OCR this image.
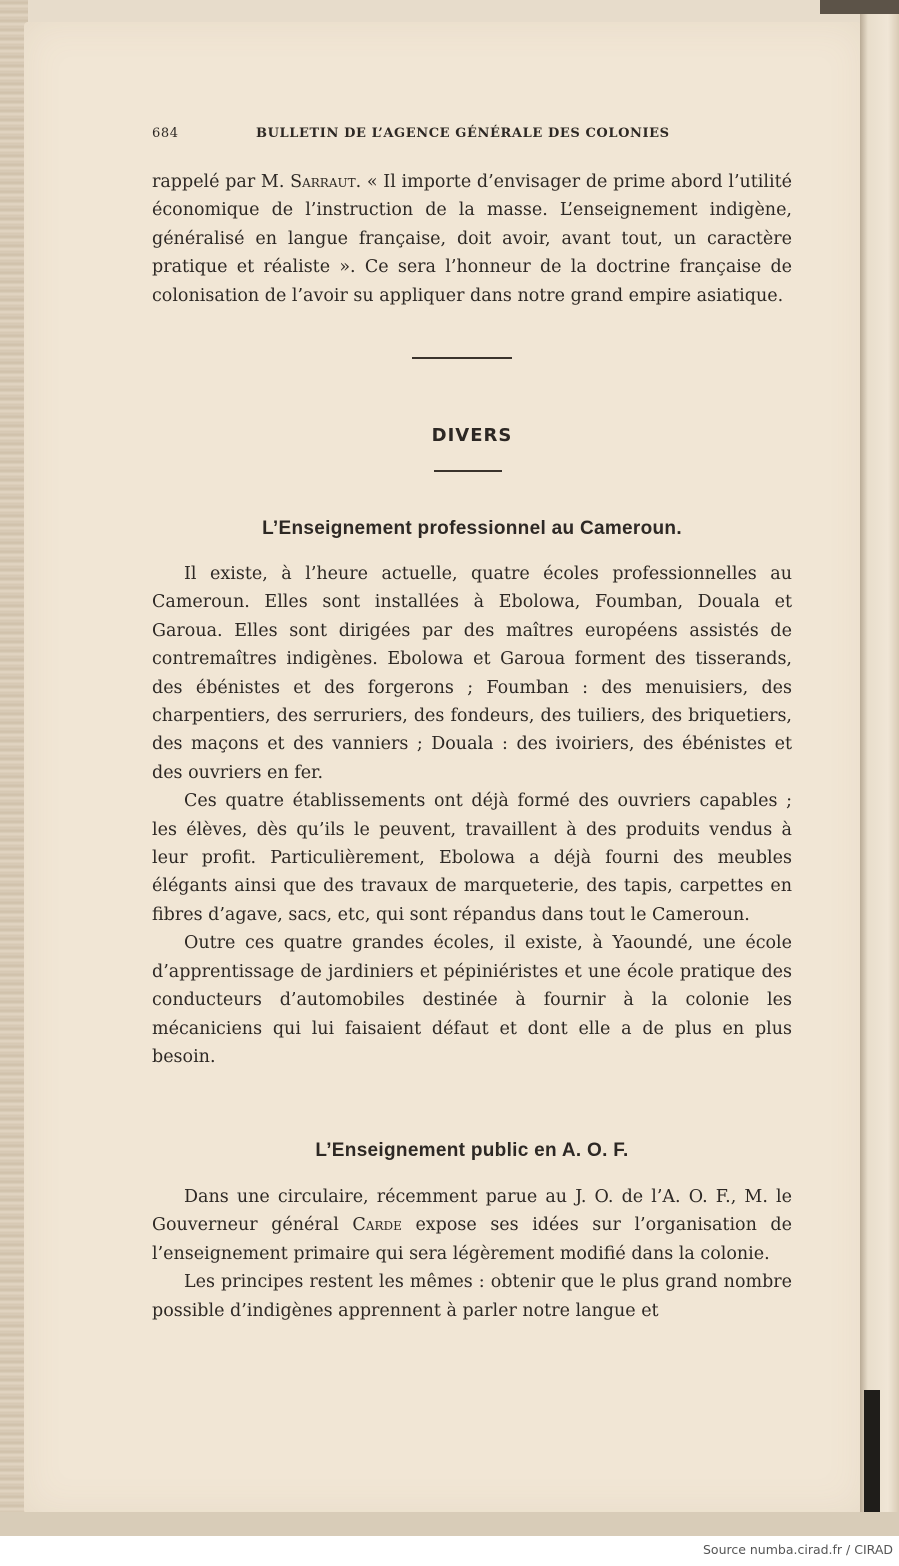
684	BULLETIN DE L’AGENCE GÉNÉRALE DES COLONIES

rappelé par M. Sarraut. « Il importe d’envisager de prime abord l’utilité économique de l’instruction de la masse. L’enseignement indigène, généralisé en langue française, doit avoir, avant tout, un caractère pratique et réaliste ». Ce sera l’honneur de la doctrine française de colonisation de l’avoir su appliquer dans notre grand empire asiatique.

DIVERS
L’Enseignement professionnel au Cameroun.

Il existe, à l’heure actuelle, quatre écoles professionnelles au Cameroun. Elles sont installées à Ebolowa, Foumban, Douala et Garoua. Elles sont dirigées par des maîtres européens assistés de contremaîtres indigènes. Ebolowa et Garoua forment des tisserands, des ébénistes et des forgerons ; Foumban : des menuisiers, des charpentiers, des serruriers, des fondeurs, des tuiliers, des briquetiers, des maçons et des vanniers ; Douala : des ivoiriers, des ébénistes et des ouvriers en fer.

Ces quatre établissements ont déjà formé des ouvriers capables ; les élèves, dès qu’ils le peuvent, travaillent à des produits vendus à leur profit. Particulièrement, Ebolowa a déjà fourni des meubles élégants ainsi que des travaux de marqueterie, des tapis, carpettes en fibres d’agave, sacs, etc, qui sont répandus dans tout le Cameroun.

Outre ces quatre grandes écoles, il existe, à Yaoundé, une école d’apprentissage de jardiniers et pépiniéristes et une école pratique des conducteurs d’automobiles destinée à fournir à la colonie les mécaniciens qui lui faisaient défaut et dont elle a de plus en plus besoin.

L’Enseignement public en A. O. F.

Dans une circulaire, récemment parue au J. O. de l’A. O. F., M. le Gouverneur général Carde expose ses idées sur l’organisation de l’enseignement primaire qui sera légèrement modifié dans la colonie.

Les principes restent les mêmes : obtenir que le plus grand nombre possible d’indigènes apprennent à parler notre langue et

Source numba.cirad.fr / CIRAD
